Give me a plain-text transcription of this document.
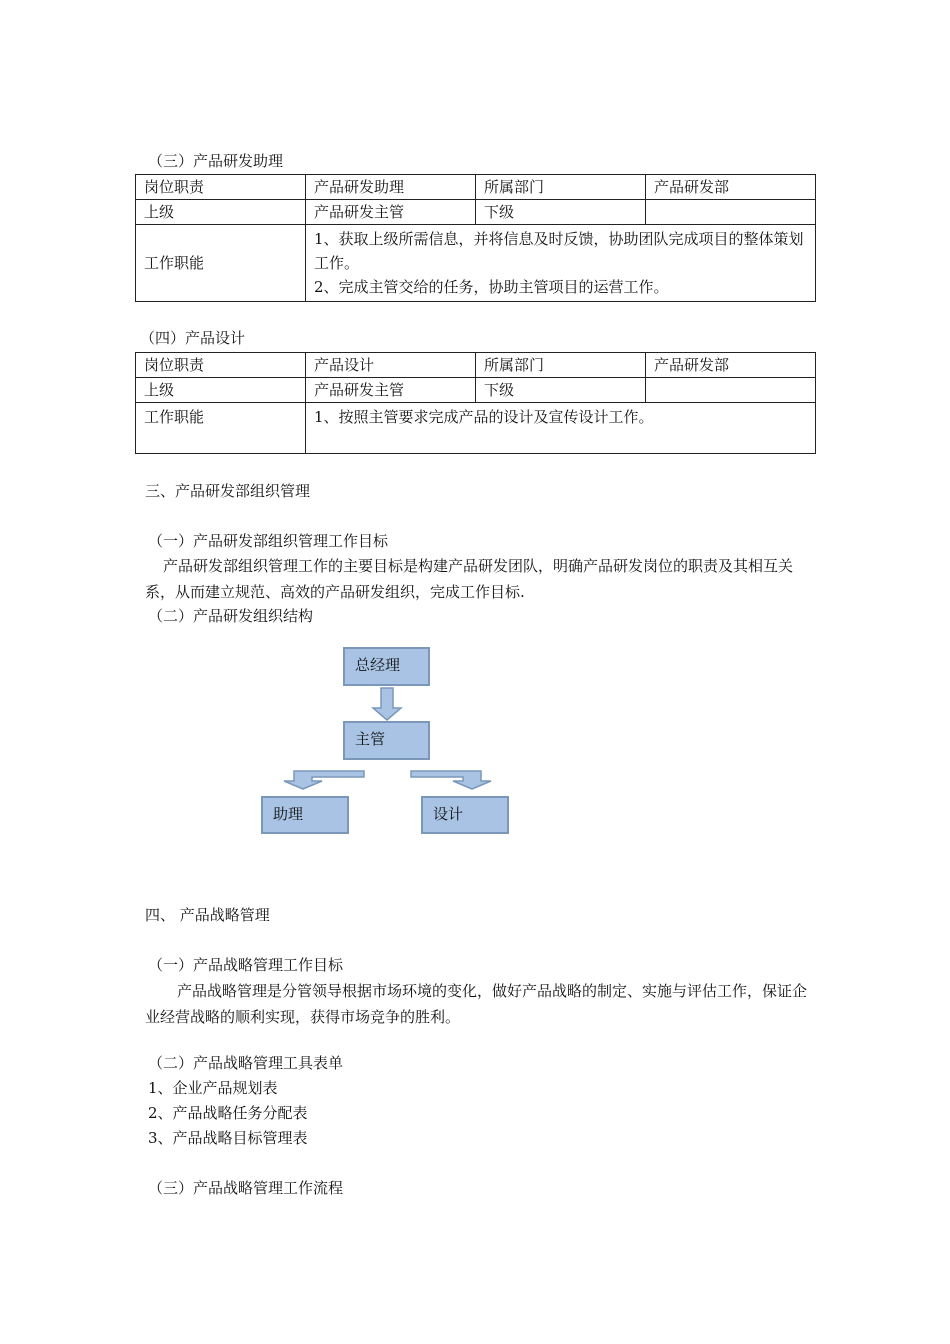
（三）产品研发助理
岗位职责	产品研发助理	所属部门	产品研发部
上级	产品研发主管	下级	
工作职能	1、获取上级所需信息，并将信息及时反馈，协助团队完成项目的整体策划工作。
2、完成主管交给的任务，协助主管项目的运营工作。		
（四）产品设计
岗位职责	产品设计	所属部门	产品研发部
上级	产品研发主管	下级	
工作职能	1、按照主管要求完成产品的设计及宣传设计工作。		
三、产品研发部组织管理
（一）产品研发部组织管理工作目标
产品研发部组织管理工作的主要目标是构建产品研发团队，明确产品研发岗位的职责及其相互关系，从而建立规范、高效的产品研发组织，完成工作目标.
（二）产品研发组织结构
总经理
主管
助理	设计
四、 产品战略管理
（一）产品战略管理工作目标
产品战略管理是分管领导根据市场环境的变化，做好产品战略的制定、实施与评估工作，保证企业经营战略的顺利实现，获得市场竞争的胜利。
（二）产品战略管理工具表单
1、企业产品规划表
2、产品战略任务分配表
3、产品战略目标管理表
（三）产品战略管理工作流程
